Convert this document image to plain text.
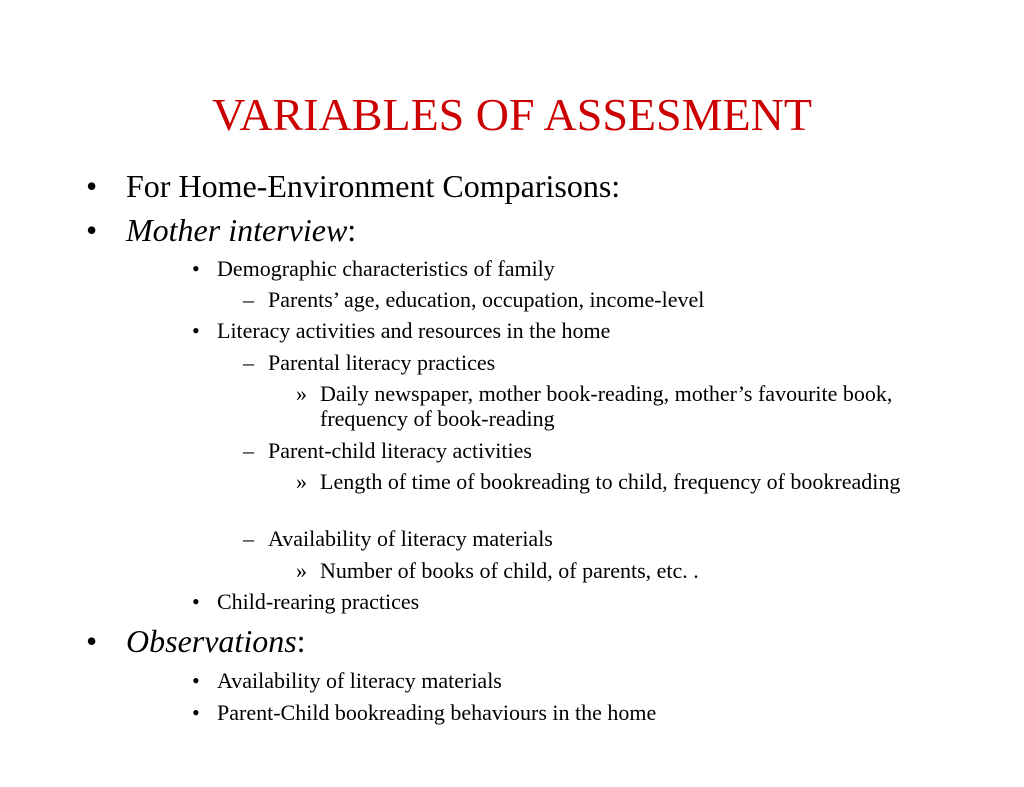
VARIABLES OF ASSESMENT
• For Home-Environment Comparisons:
• Mother interview:
• Demographic characteristics of family
– Parents’ age, education, occupation, income-level
• Literacy activities and resources in the home
– Parental literacy practices
» Daily newspaper, mother book-reading, mother’s favourite book, frequency of book-reading
– Parent-child literacy activities
» Length of time of bookreading to child, frequency of bookreading
– Availability of literacy materials
» Number of books of child, of parents, etc. .
• Child-rearing practices
• Observations:
• Availability of literacy materials
• Parent-Child bookreading behaviours in the home
